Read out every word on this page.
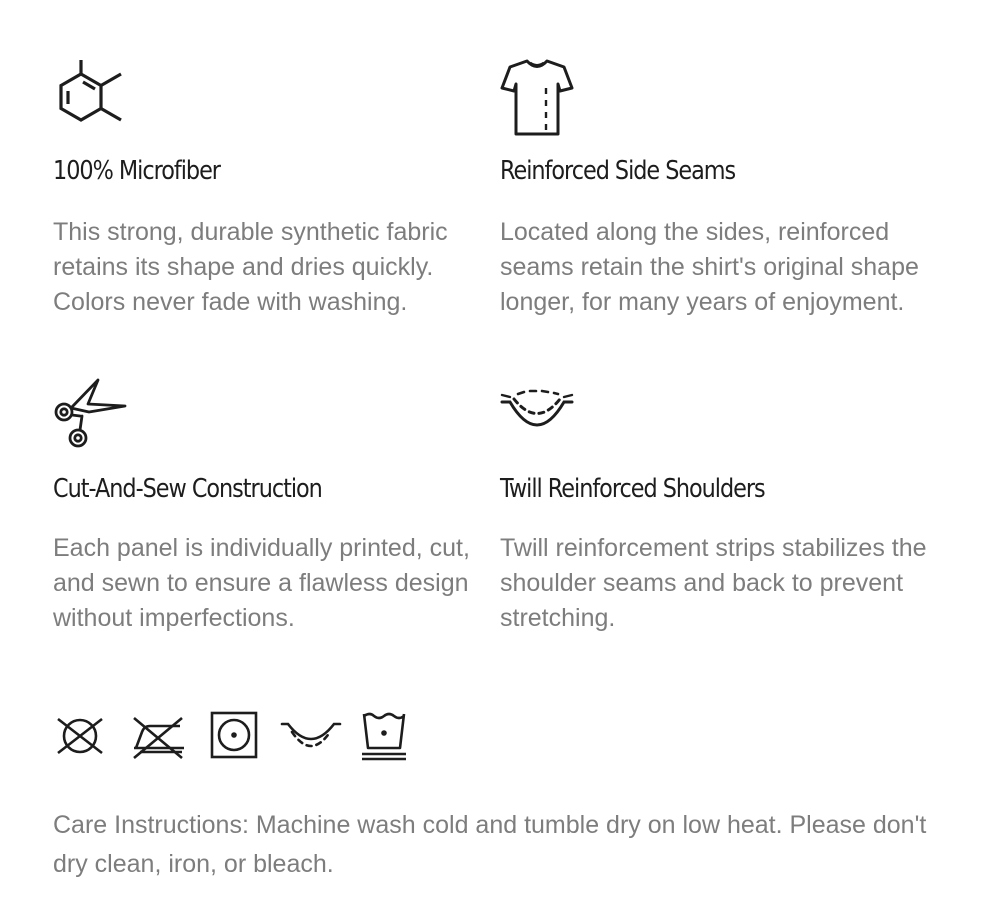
100% Microfiber

This strong, durable synthetic fabric retains its shape and dries quickly. Colors never fade with washing.

Reinforced Side Seams

Located along the sides, reinforced seams retain the shirt's original shape longer, for many years of enjoyment.

Cut-And-Sew Construction

Each panel is individually printed, cut, and sewn to ensure a flawless design without imperfections.

Twill Reinforced Shoulders

Twill reinforcement strips stabilizes the shoulder seams and back to prevent stretching.

Care Instructions: Machine wash cold and tumble dry on low heat. Please don't dry clean, iron, or bleach.
